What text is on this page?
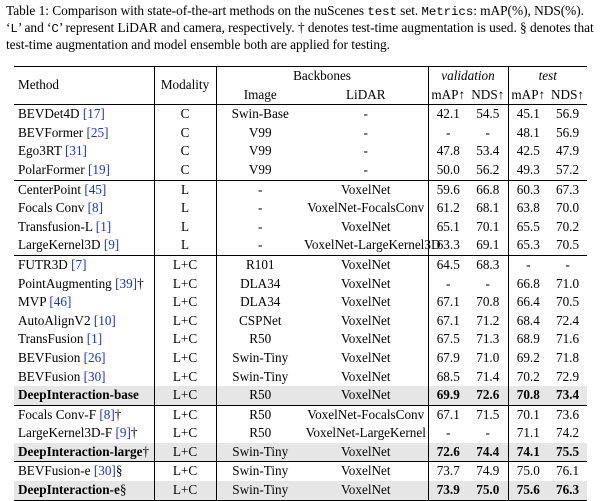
Table 1: Comparison with state-of-the-art methods on the nuScenes test set. Metrics: mAP(%), NDS(%). ‘L’ and ‘C’ represent LiDAR and camera, respectively. † denotes test-time augmentation is used. § denotes that test-time augmentation and model ensemble both are applied for testing.
Method	Modality	Backbones		validation		test	
		Image	LiDAR	mAP↑	NDS↑	mAP↑	NDS↑
BEVDet4D [17]	C	Swin-Base	-	42.1	54.5	45.1	56.9
BEVFormer [25]	C	V99	-	-	-	48.1	56.9
Ego3RT [31]	C	V99	-	47.8	53.4	42.5	47.9
PolarFormer [19]	C	V99	-	50.0	56.2	49.3	57.2
CenterPoint [45]	L	-	VoxelNet	59.6	66.8	60.3	67.3
Focals Conv [8]	L	-	VoxelNet-FocalsConv	61.2	68.1	63.8	70.0
Transfusion-L [1]	L	-	VoxelNet	65.1	70.1	65.5	70.2
LargeKernel3D [9]	L	-	VoxelNet-LargeKernel3D	63.3	69.1	65.3	70.5
FUTR3D [7]	L+C	R101	VoxelNet	64.5	68.3	-	-
PointAugmenting [39]†	L+C	DLA34	VoxelNet	-	-	66.8	71.0
MVP [46]	L+C	DLA34	VoxelNet	67.1	70.8	66.4	70.5
AutoAlignV2 [10]	L+C	CSPNet	VoxelNet	67.1	71.2	68.4	72.4
TransFusion [1]	L+C	R50	VoxelNet	67.5	71.3	68.9	71.6
BEVFusion [26]	L+C	Swin-Tiny	VoxelNet	67.9	71.0	69.2	71.8
BEVFusion [30]	L+C	Swin-Tiny	VoxelNet	68.5	71.4	70.2	72.9
DeepInteraction-base	L+C	R50	VoxelNet	69.9	72.6	70.8	73.4
Focals Conv-F [8]†	L+C	R50	VoxelNet-FocalsConv	67.1	71.5	70.1	73.6
LargeKernel3D-F [9]†	L+C	R50	VoxelNet-LargeKernel	-	-	71.1	74.2
DeepInteraction-large†	L+C	Swin-Tiny	VoxelNet	72.6	74.4	74.1	75.5
BEVFusion-e [30]§	L+C	Swin-Tiny	VoxelNet	73.7	74.9	75.0	76.1
DeepInteraction-e§	L+C	Swin-Tiny	VoxelNet	73.9	75.0	75.6	76.3
